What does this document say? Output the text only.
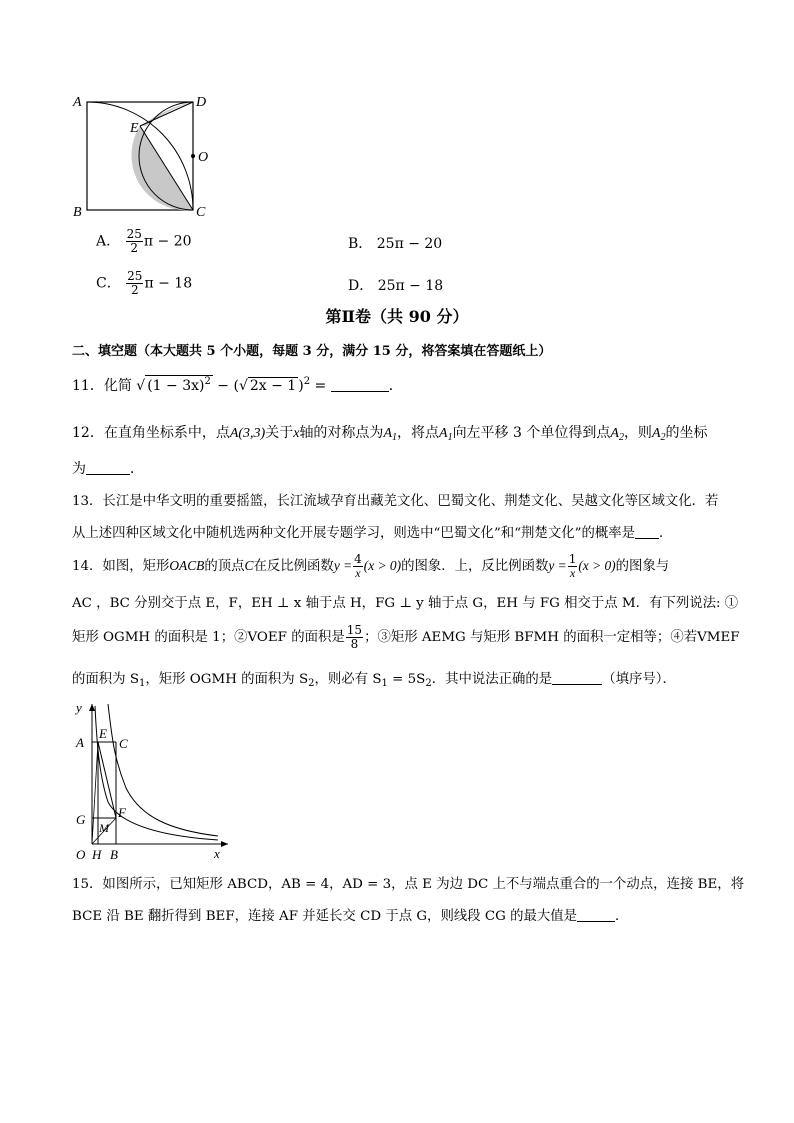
A
B	C
D
E
O
A． $\frac{25}{2}$ π − 20	B． 25π − 20
C． $\frac{25}{2}$ π − 18	D． 25π − 18
第Ⅱ卷（共 90 分）
二、填空题（本大题共 5 个小题，每题 3 分，满分 15 分，将答案填在答题纸上）
11．化简 √ $(1 - 3x)^2$ − (√ 2x − 1 )$^2$ =	．
12．在直角坐标系中，点A(3,3)关于x轴的对称点为$A_1$，将点$A_1$向左平移 3 个单位得到点$A_2$，则$A_2$的坐标
为	．
13．长江是中华文明的重要摇篮，长江流域孕育出藏羌文化、巴蜀文化、荆楚文化、吴越文化等区域文化．若
从上述四种区域文化中随机选两种文化开展专题学习，则选中“巴蜀文化”和“荆楚文化”的概率是 ．
14．如图，矩形OACB的顶点C在反比例函数$y = \frac{4}{x} (x > 0)$的图象．上，反比例函数$y = \frac{1}{x} (x > 0)$的图象与
AC ，BC 分别交于点 E，F，EH ⊥ x 轴于点 H，FG ⊥ y 轴于点 G，EH 与 FG 相交于点 M．有下列说法: ①
矩形 OGMH 的面积是 1；②VOEF 的面积是 $\frac{15}{8}$ ；③矩形 AEMG 与矩形 BFMH 的面积一定相等；④若VMEF
的面积为 $S_1$，矩形 OGMH 的面积为 $S_2$，则必有 $S_1 = 5S_2$．其中说法正确的是	（填序号）．
y
x
A
E
C
G
M
F
O H B
15．如图所示，已知矩形 ABCD，AB = 4，AD = 3，点 E 为边 DC 上不与端点重合的一个动点，连接 BE，将
BCE 沿 BE 翻折得到 BEF，连接 AF 并延长交 CD 于点 G，则线段 CG 的最大值是	．
